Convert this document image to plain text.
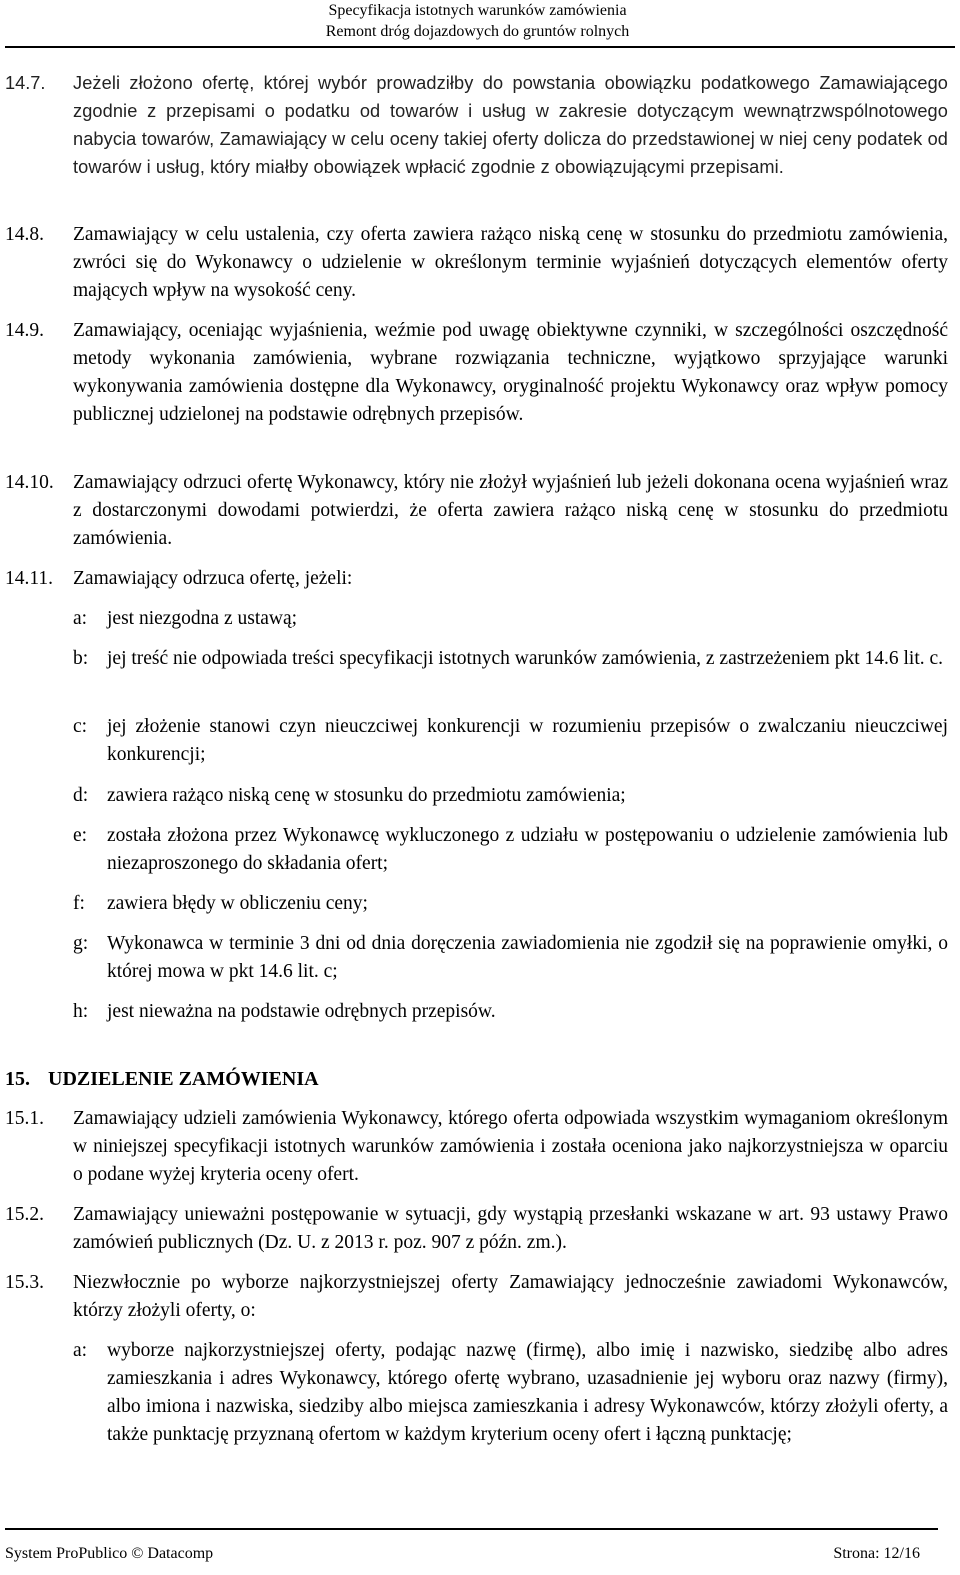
Specyfikacja istotnych warunków zamówienia
Remont dróg dojazdowych do gruntów rolnych
14.7. Jeżeli złożono ofertę, której wybór prowadziłby do powstania obowiązku podatkowego Zamawiającego zgodnie z przepisami o podatku od towarów i usług w zakresie dotyczącym wewnątrzwspólnotowego nabycia towarów, Zamawiający w celu oceny takiej oferty dolicza do przedstawionej w niej ceny podatek od towarów i usług, który miałby obowiązek wpłacić zgodnie z obowiązującymi przepisami.
14.8. Zamawiający w celu ustalenia, czy oferta zawiera rażąco niską cenę w stosunku do przedmiotu zamówienia, zwróci się do Wykonawcy o udzielenie w określonym terminie wyjaśnień dotyczących elementów oferty mających wpływ na wysokość ceny.
14.9. Zamawiający, oceniając wyjaśnienia, weźmie pod uwagę obiektywne czynniki, w szczególności oszczędność metody wykonania zamówienia, wybrane rozwiązania techniczne, wyjątkowo sprzyjające warunki wykonywania zamówienia dostępne dla Wykonawcy, oryginalność projektu Wykonawcy oraz wpływ pomocy publicznej udzielonej na podstawie odrębnych przepisów.
14.10. Zamawiający odrzuci ofertę Wykonawcy, który nie złożył wyjaśnień lub jeżeli dokonana ocena wyjaśnień wraz z dostarczonymi dowodami potwierdzi, że oferta zawiera rażąco niską cenę w stosunku do przedmiotu zamówienia.
14.11. Zamawiający odrzuca ofertę, jeżeli:
a: jest niezgodna z ustawą;
b: jej treść nie odpowiada treści specyfikacji istotnych warunków zamówienia, z zastrzeżeniem pkt 14.6 lit. c.
c: jej złożenie stanowi czyn nieuczciwej konkurencji w rozumieniu przepisów o zwalczaniu nieuczciwej konkurencji;
d: zawiera rażąco niską cenę w stosunku do przedmiotu zamówienia;
e: została złożona przez Wykonawcę wykluczonego z udziału w postępowaniu o udzielenie zamówienia lub niezaproszonego do składania ofert;
f: zawiera błędy w obliczeniu ceny;
g: Wykonawca w terminie 3 dni od dnia doręczenia zawiadomienia nie zgodził się na poprawienie omyłki, o której mowa w pkt 14.6 lit. c;
h: jest nieważna na podstawie odrębnych przepisów.
15. UDZIELENIE ZAMÓWIENIA
15.1. Zamawiający udzieli zamówienia Wykonawcy, którego oferta odpowiada wszystkim wymaganiom określonym w niniejszej specyfikacji istotnych warunków zamówienia i została oceniona jako najkorzystniejsza w oparciu o podane wyżej kryteria oceny ofert.
15.2. Zamawiający unieważni postępowanie w sytuacji, gdy wystąpią przesłanki wskazane w art. 93 ustawy Prawo zamówień publicznych (Dz. U. z 2013 r. poz. 907 z późn. zm.).
15.3. Niezwłocznie po wyborze najkorzystniejszej oferty Zamawiający jednocześnie zawiadomi Wykonawców, którzy złożyli oferty, o:
a: wyborze najkorzystniejszej oferty, podając nazwę (firmę), albo imię i nazwisko, siedzibę albo adres zamieszkania i adres Wykonawcy, którego ofertę wybrano, uzasadnienie jej wyboru oraz nazwy (firmy), albo imiona i nazwiska, siedziby albo miejsca zamieszkania i adresy Wykonawców, którzy złożyli oferty, a także punktację przyznaną ofertom w każdym kryterium oceny ofert i łączną punktację;
System ProPublico © Datacomp	Strona: 12/16
